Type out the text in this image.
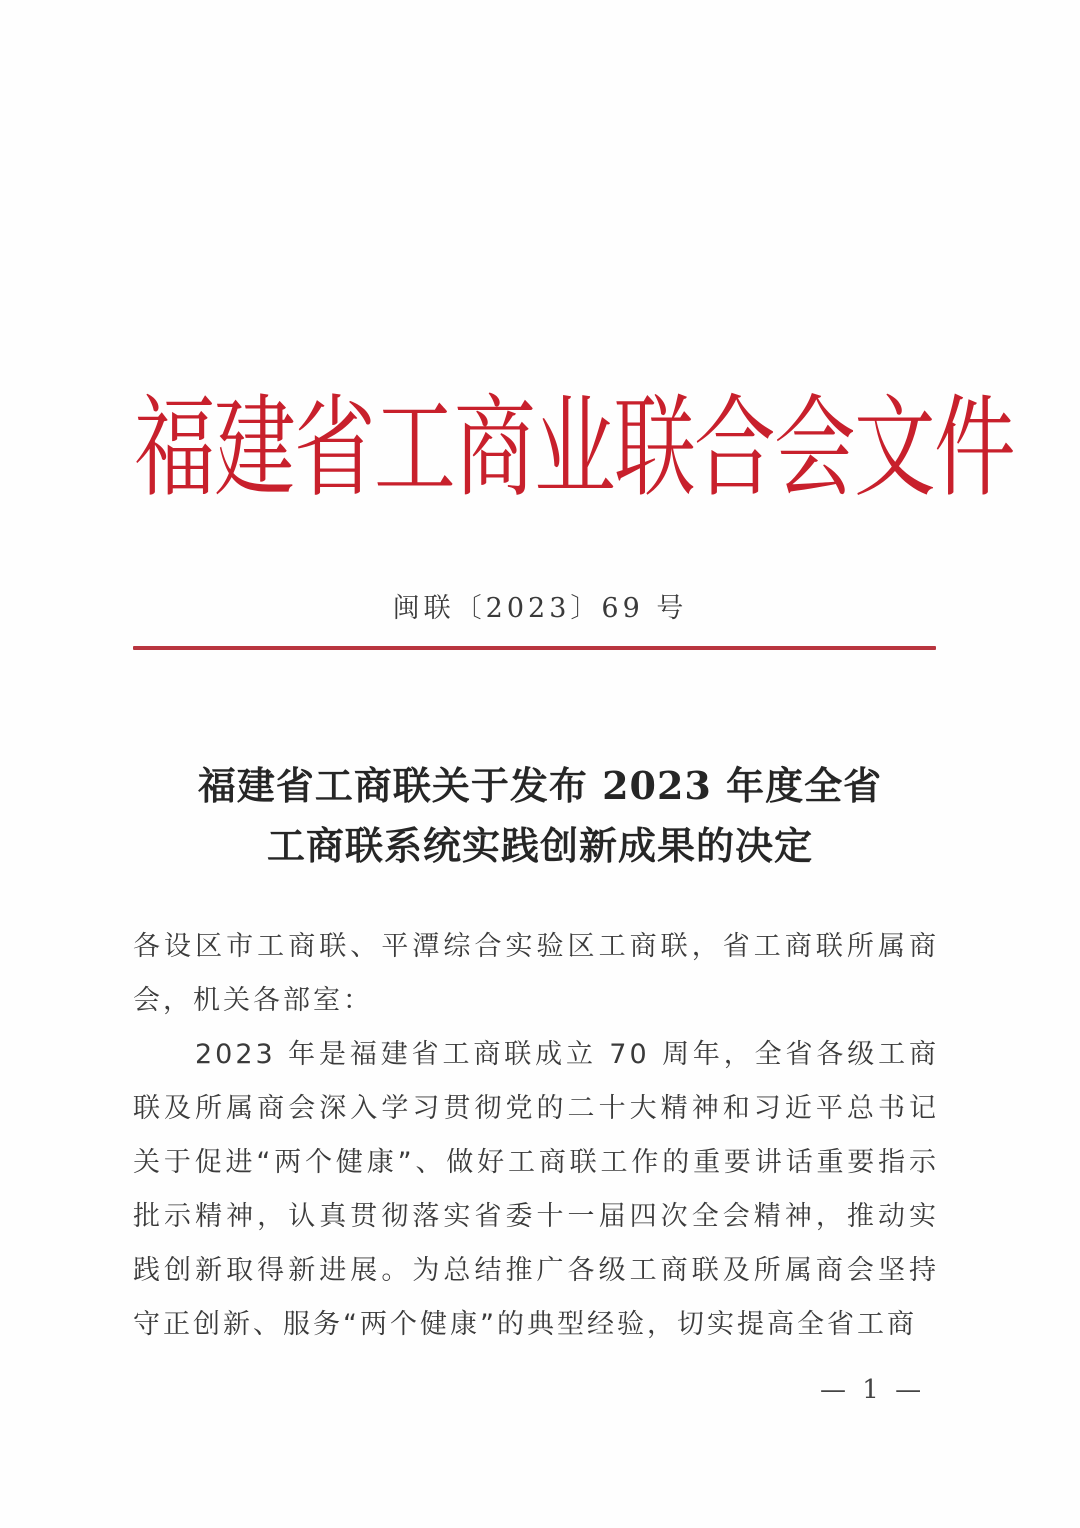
福
建
省
工
商
业
联
合
会
文
件
闽联〔2023〕69 号
福建省工商联关于发布 2023 年度全省
工商联系统实践创新成果的决定
各设区市工商联、平潭综合实验区工商联，省工商联所属商会，机关各部室：
2023 年是福建省工商联成立 70 周年，全省各级工商联及所属商会深入学习贯彻党的二十大精神和习近平总书记关于促进“两个健康”、做好工商联工作的重要讲话重要指示批示精神，认真贯彻落实省委十一届四次全会精神，推动实践创新取得新进展。为总结推广各级工商联及所属商会坚持守正创新、服务“两个健康”的典型经验，切实提高全省工商
— 1 —
